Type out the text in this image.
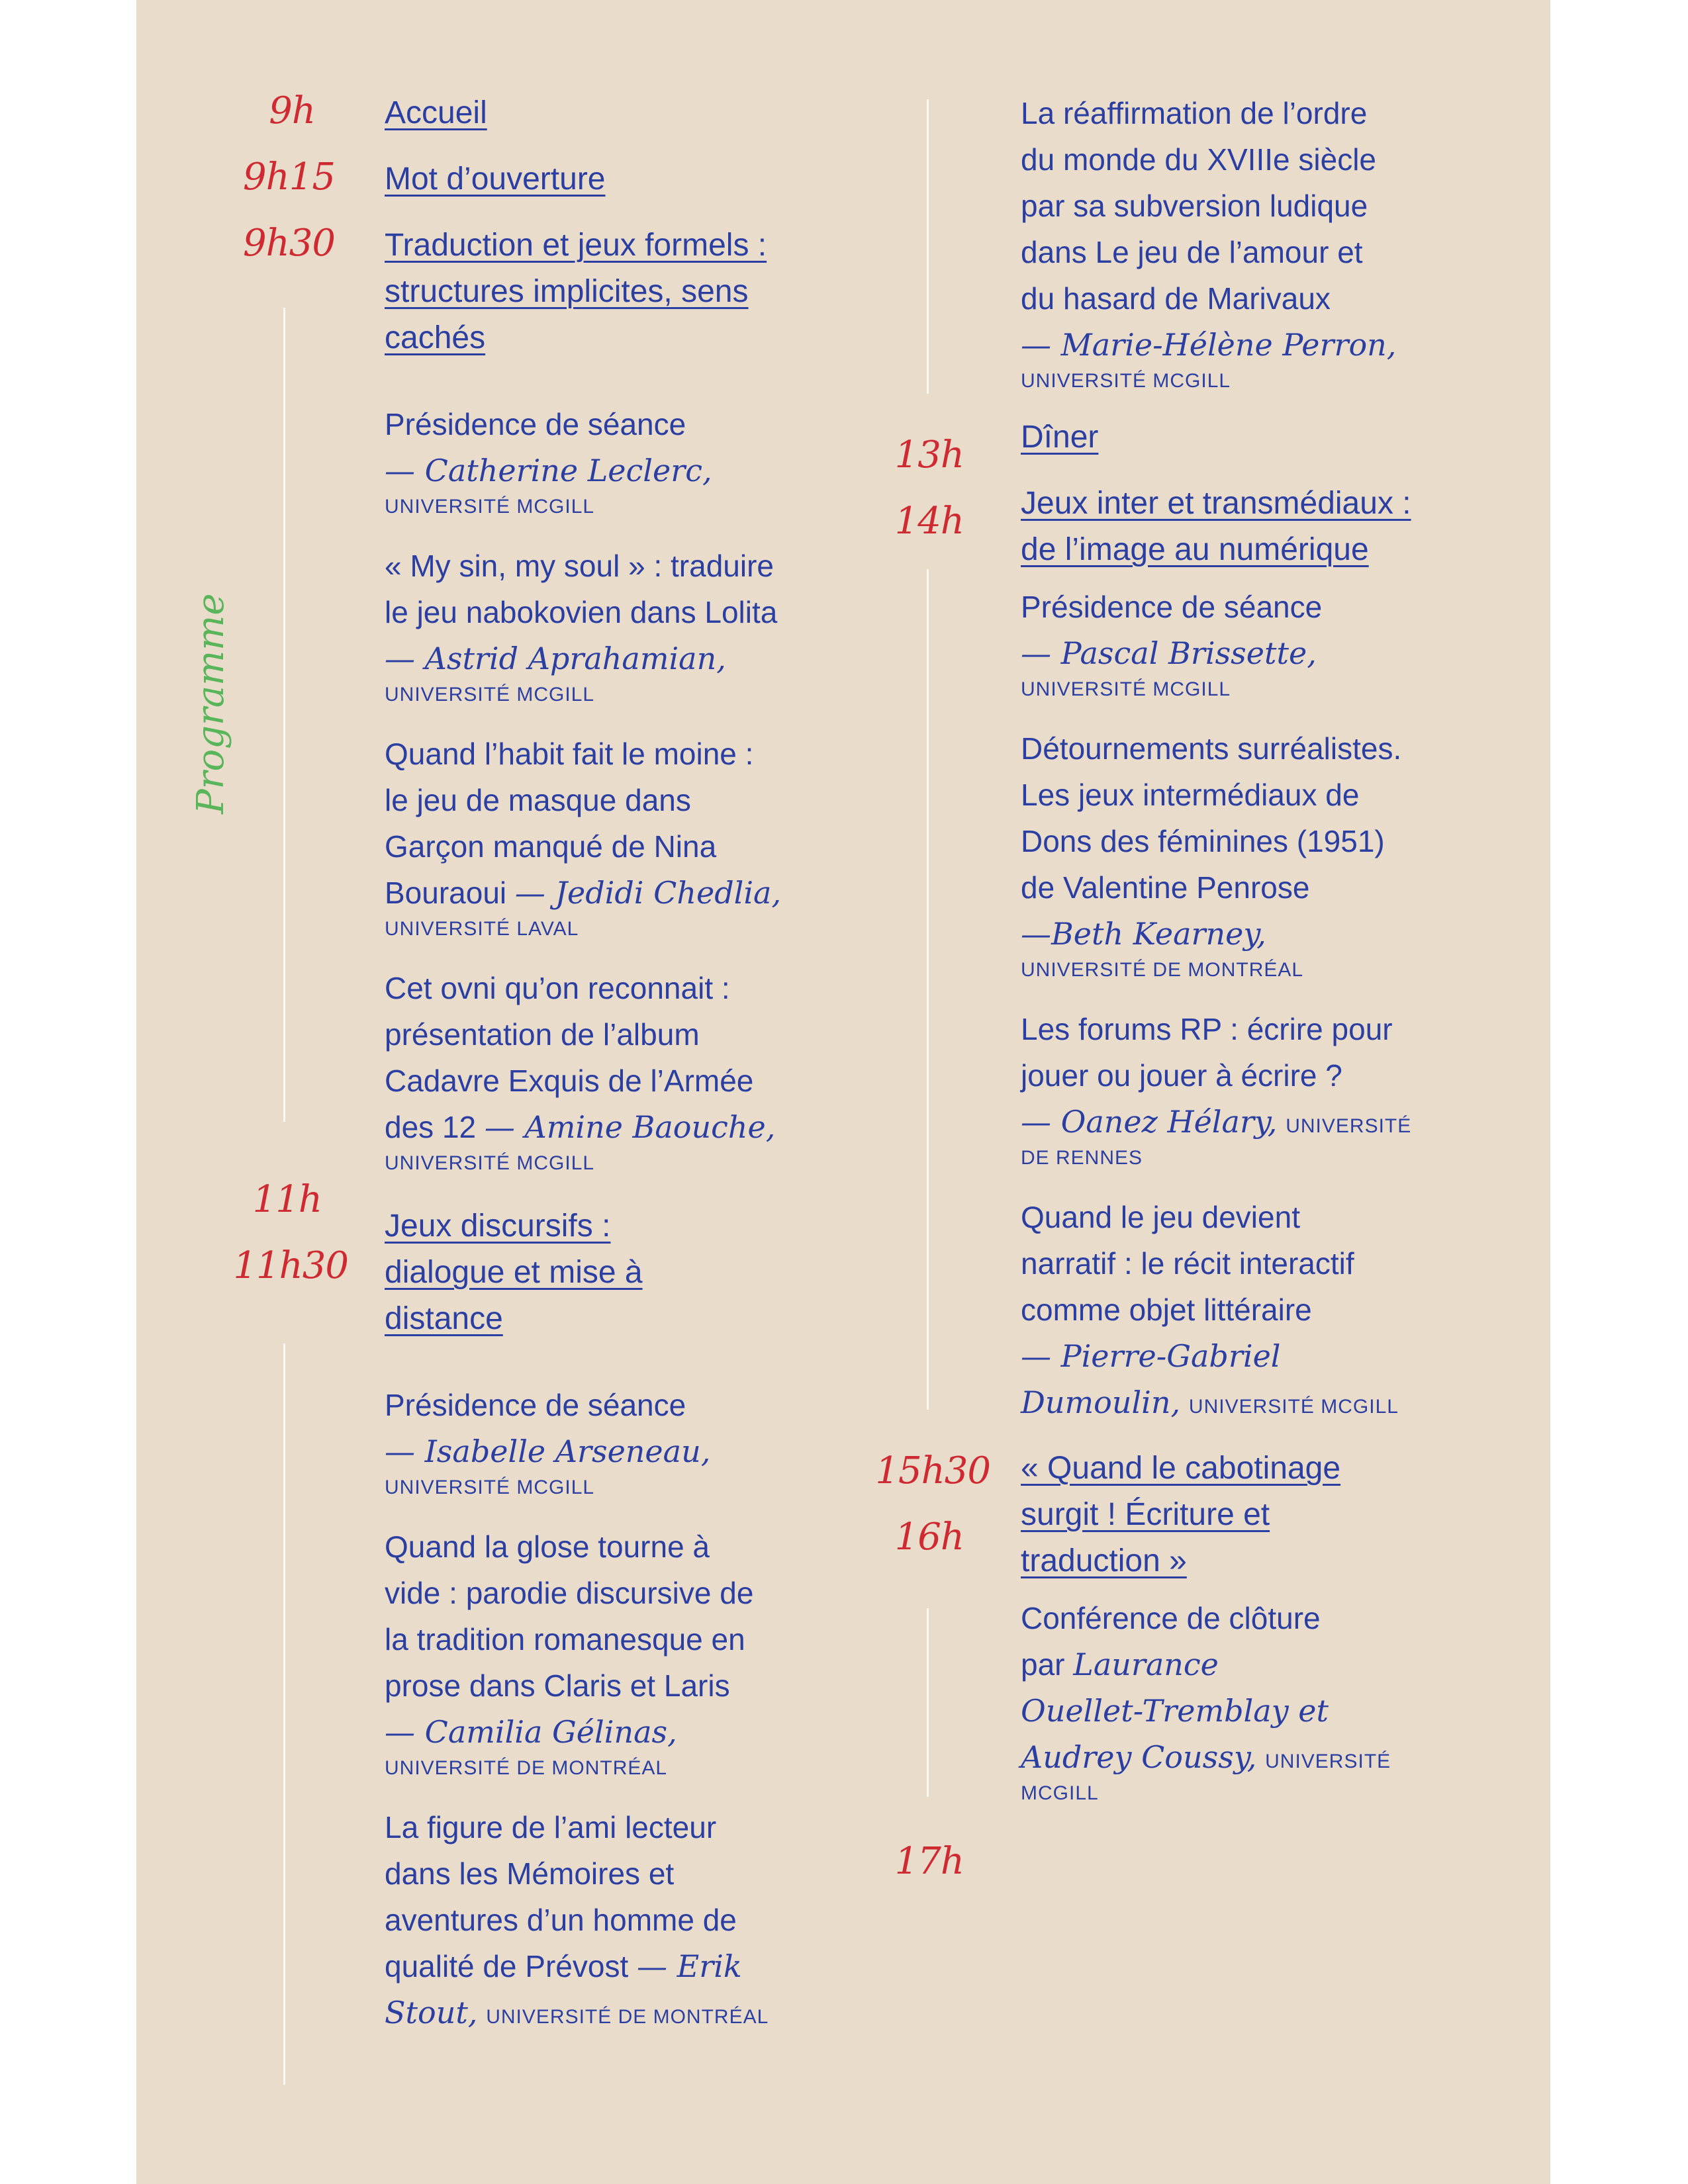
Programme
9h
9h15
9h30
11h
11h30
13h
14h
15h30
16h
17h

Accueil

Mot d’ouverture

Traduction et jeux formels :

structures implicites, sens

cachés

Présidence de séance

— Catherine Leclerc,

UNIVERSITÉ MCGILL

« My sin, my soul » : traduire

le jeu nabokovien dans Lolita

— Astrid Aprahamian,

UNIVERSITÉ MCGILL

Quand l’habit fait le moine :

le jeu de masque dans

Garçon manqué de Nina

Bouraoui — Jedidi Chedlia,

UNIVERSITÉ LAVAL

Cet ovni qu’on reconnait :

présentation de l’album

Cadavre Exquis de l’Armée

des 12 — Amine Baouche,

UNIVERSITÉ MCGILL

Jeux discursifs :

dialogue et mise à

distance

Présidence de séance

— Isabelle Arseneau,

UNIVERSITÉ MCGILL

Quand la glose tourne à

vide : parodie discursive de

la tradition romanesque en

prose dans Claris et Laris

— Camilia Gélinas,

UNIVERSITÉ DE MONTRÉAL

La figure de l’ami lecteur

dans les Mémoires et

aventures d’un homme de

qualité de Prévost — Erik

Stout, UNIVERSITÉ DE MONTRÉAL

La réaffirmation de l’ordre

du monde du XVIIIe siècle

par sa subversion ludique

dans Le jeu de l’amour et

du hasard de Marivaux

— Marie-Hélène Perron,

UNIVERSITÉ MCGILL

Dîner

Jeux inter et transmédiaux :

de l’image au numérique

Présidence de séance

— Pascal Brissette,

UNIVERSITÉ MCGILL

Détournements surréalistes.

Les jeux intermédiaux de

Dons des féminines (1951)

de Valentine Penrose

—Beth Kearney,

UNIVERSITÉ DE MONTRÉAL

Les forums RP : écrire pour

jouer ou jouer à écrire ?

— Oanez Hélary, UNIVERSITÉ

DE RENNES

Quand le jeu devient

narratif : le récit interactif

comme objet littéraire

— Pierre-Gabriel

Dumoulin, UNIVERSITÉ MCGILL

« Quand le cabotinage

surgit ! Écriture et

traduction »

Conférence de clôture

par Laurance

Ouellet-Tremblay et

Audrey Coussy, UNIVERSITÉ

MCGILL
